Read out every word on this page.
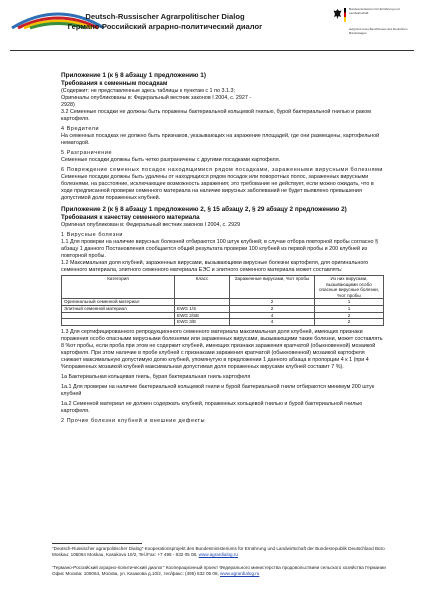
Deutsch-Russischer Agrarpolitischer Dialog
Германо-Российский аграрно-политический диалог
Bundesministerium für Ernährung und Landwirtschaft
aufgrund eines Beschlusses des Deutschen Bundestages

Приложение 1 (к § 8 абзацу 1 предложению 1)

Требования к семенным посадкам

(Содержит: не представленные здесь таблицы к пунктам с 1 по 3.1.3;

Оригиналы опубликованы в: Федеральный вестник законов I 2004, с. 2927 -

2928)

3.2 Семенные посадки не должны быть поражены бактериальной кольцевой гнилью, бурой бактериальной гнилью и раком картофеля.

4 Вредители

На семенных посадках не должно быть признаков, указывающих на заражение площадей, где они размещены, картофельной нематодой.

5 Разграничение

Семенные посадки должны быть четко разграничены с другими посадками картофеля.

6 Повреждение семенных посадок находящимися рядом посадками, зараженными вирусными болезнями

Семенные посадки должны быть удалены от находящихся рядом посадок или поворотных полос, зараженных вирусными болезнями, на расстояние, исключающее возможность заражения; это требование не действует, если можно ожидать, что в ходе предписанной проверки семенного материала на наличие вирусных заболеваний не будет выявлено превышения допустимой доли пораженных клубней.

Приложение 2 (к § 8 абзацу 1 предложению 2, § 15 абзацу 2, § 29 абзацу 2 предложению 2)

Требования к качеству семенного материала

Оригинал опубликован в: Федеральный вестник законов I 2004, с. 2929

1 Вирусные болезни

1.1 Для проверки на наличие вирусных болезней отбираются 100 штук клубней; в случае отбора повторной пробы согласно § абзацу 1 данного Постановления сообщается общий результата проверки 100 клубней из первой пробы и 200 клубней из повторной пробы.

1.2 Максимальная доля клубней, зараженных вирусами, вызывающими вирусные болезни картофеля, для оригинального семенного материала, элитного семенного материала ЕЭС и элитного семенного материала может составлять:

Категория	Класс	Зараженные вирусами, %от пробы	Из них вирусами, вызывающими особо опасные вирусные болезни, %от пробы
Оригинальный семенной материал		2	1
Элитный семенной материал	EWG 1/S	2	1
	EWG 2/SE	4	2
	EWG 3/E	4	2

1.3 Для сертифицированного репродукционного семенного материала максимальная доля клубней, имеющих признаки поражения особо опасными вирусными болезнями или зараженных вирусами, вызывающими такие болезни, может составлять 8 %от пробы, если проба при этом не содержит клубней, имеющих признаки заражения крапчатой (обыкновенной) мозаикой картофеля. При этом наличие в пробе клубней с признаками заражения крапчатой (обыкновенной) мозаикой картофеля снижает максимальную допустимую долю клубней, упомянутую в предложении 1 данного абзаца в пропорции 4 к 1 (при 4 %пораженных мозаикой клубней максимальная допустимая доля пораженных вирусами клубней составит 7 %).

1a Бактериальная кольцевая гниль, бурая бактериальная гниль картофеля

1a.1 Для проверки на наличие бактериальной кольцевой гнили и бурой бактериальной гнили отбираются минимум 200 штук клубней

1a.2 Семенной материал не должен содержать клубней, пораженных кольцевой гнилью и бурой бактериальной гнилью картофеля.

2 Прочие болезни клубней и внешние дефекты

"Deutsch-Russischer agrarpolitischer Dialog" Kooperationsprojekt des Bundesministeriums für Ernährung und Landwirtschaft der Bundesrepublik Deutschland Büro Moskau: 105064 Moskau, Kasakova 10/2, Tel./Fax: +7 495 - 632 05 08, www.agrardialog.ru
"Германо-Российский аграрно-политический диалог" Кооперационный проект Федерального министерства продовольствияи сельского хозяйства Германии Офис Москва: 105064, Москва, ул. Казакова д.10/2, тел/факс: (495) 632 05 08, www.agrardialog.ru
